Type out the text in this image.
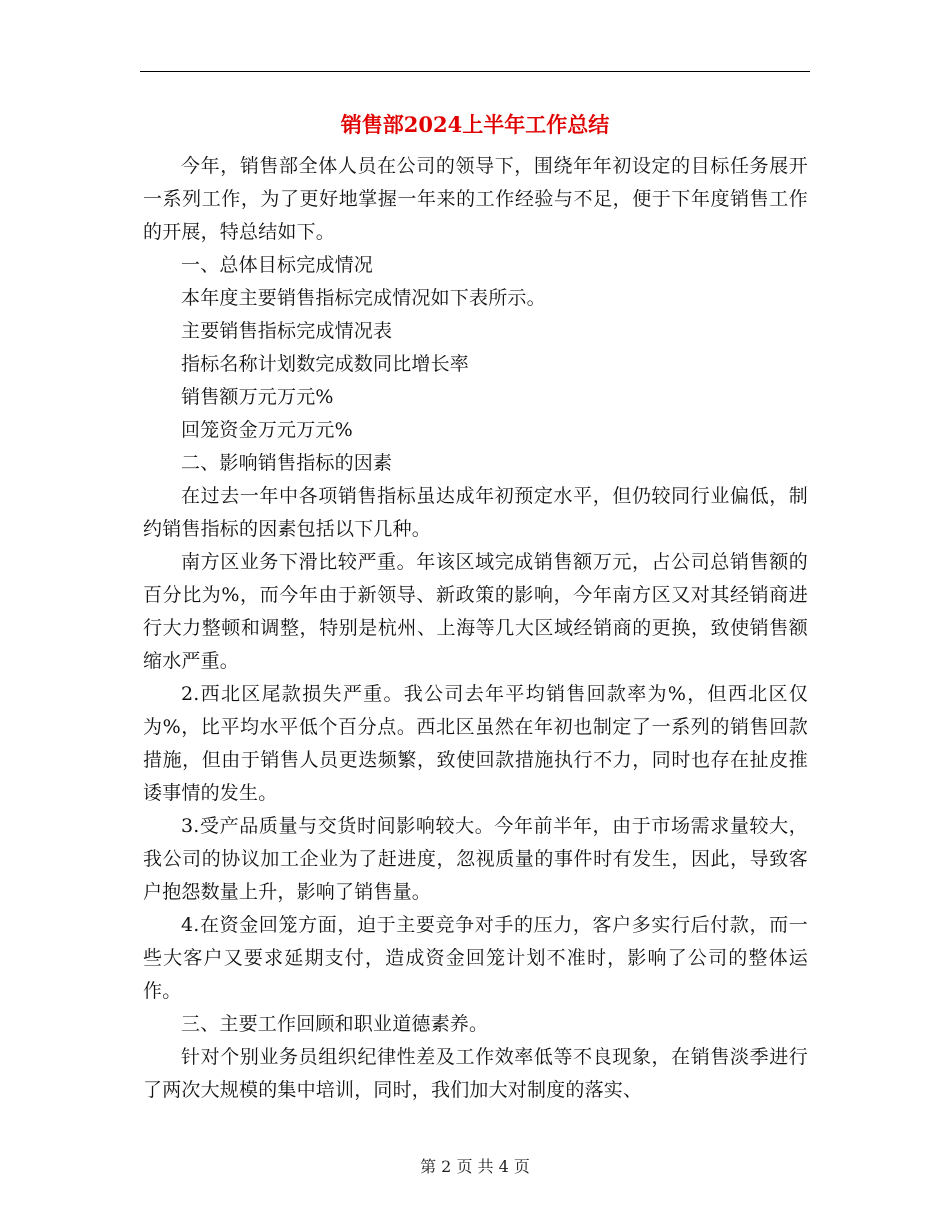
销售部2024上半年工作总结

今年，销售部全体人员在公司的领导下，围绕年年初设定的目标任务展开一系列工作，为了更好地掌握一年来的工作经验与不足，便于下年度销售工作的开展，特总结如下。

一、总体目标完成情况

本年度主要销售指标完成情况如下表所示。

主要销售指标完成情况表

指标名称计划数完成数同比增长率

销售额万元万元%

回笼资金万元万元%

二、影响销售指标的因素

在过去一年中各项销售指标虽达成年初预定水平，但仍较同行业偏低，制约销售指标的因素包括以下几种。

南方区业务下滑比较严重。年该区域完成销售额万元，占公司总销售额的百分比为%，而今年由于新领导、新政策的影响，今年南方区又对其经销商进行大力整顿和调整，特别是杭州、上海等几大区域经销商的更换，致使销售额缩水严重。

2.西北区尾款损失严重。我公司去年平均销售回款率为%，但西北区仅为%，比平均水平低个百分点。西北区虽然在年初也制定了一系列的销售回款措施，但由于销售人员更迭频繁，致使回款措施执行不力，同时也存在扯皮推诿事情的发生。

3.受产品质量与交货时间影响较大。今年前半年，由于市场需求量较大，我公司的协议加工企业为了赶进度，忽视质量的事件时有发生，因此，导致客户抱怨数量上升，影响了销售量。

4.在资金回笼方面，迫于主要竞争对手的压力，客户多实行后付款，而一些大客户又要求延期支付，造成资金回笼计划不准时，影响了公司的整体运作。

三、主要工作回顾和职业道德素养。

针对个别业务员组织纪律性差及工作效率低等不良现象，在销售淡季进行了两次大规模的集中培训，同时，我们加大对制度的落实、

第 2 页 共 4 页
